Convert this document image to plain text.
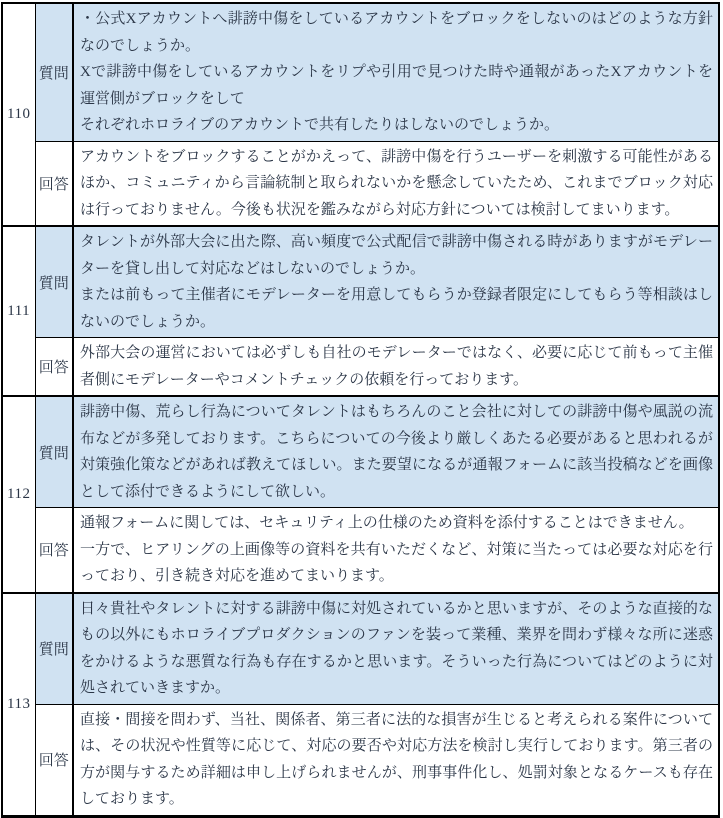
110	質問	・公式Xアカウントへ誹謗中傷をしているアカウントをブロックをしないのはどのような方針なのでしょうか。
Xで誹謗中傷をしているアカウントをリプや引用で見つけた時や通報があったXアカウントを運営側がブロックをして
それぞれホロライブのアカウントで共有したりはしないのでしょうか。
	回答	アカウントをブロックすることがかえって、誹謗中傷を行うユーザーを刺激する可能性があるほか、コミュニティから言論統制と取られないかを懸念していたため、これまでブロック対応は行っておりません。今後も状況を鑑みながら対応方針については検討してまいります。
111	質問	タレントが外部大会に出た際、高い頻度で公式配信で誹謗中傷される時がありますがモデレーターを貸し出して対応などはしないのでしょうか。
または前もって主催者にモデレーターを用意してもらうか登録者限定にしてもらう等相談はしないのでしょうか。
	回答	外部大会の運営においては必ずしも自社のモデレーターではなく、必要に応じて前もって主催者側にモデレーターやコメントチェックの依頼を行っております。
112	質問	誹謗中傷、荒らし行為についてタレントはもちろんのこと会社に対しての誹謗中傷や風説の流布などが多発しております。こちらについての今後より厳しくあたる必要があると思われるが対策強化策などがあれば教えてほしい。また要望になるが通報フォームに該当投稿などを画像として添付できるようにして欲しい。
	回答	通報フォームに関しては、セキュリティ上の仕様のため資料を添付することはできません。
一方で、ヒアリングの上画像等の資料を共有いただくなど、対策に当たっては必要な対応を行っており、引き続き対応を進めてまいります。
113	質問	日々貴社やタレントに対する誹謗中傷に対処されているかと思いますが、そのような直接的なもの以外にもホロライブプロダクションのファンを装って業種、業界を問わず様々な所に迷惑をかけるような悪質な行為も存在するかと思います。そういった行為についてはどのように対処されていきますか。
	回答	直接・間接を問わず、当社、関係者、第三者に法的な損害が生じると考えられる案件については、その状況や性質等に応じて、対応の要否や対応方法を検討し実行しております。第三者の方が関与するため詳細は申し上げられませんが、刑事事件化し、処罰対象となるケースも存在しております。
